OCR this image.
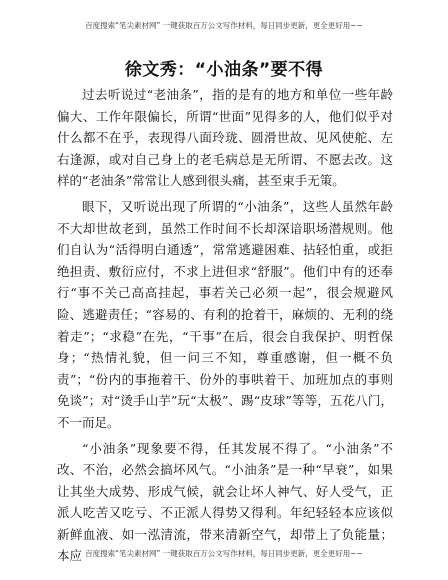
百度搜索“笔尖素材网” 一键获取百万公文写作材料，每日同步更新，更全更好用~~
徐文秀：“小油条”要不得

过去听说过“老油条”，指的是有的地方和单位一些年龄偏大、工作年限偏长，所谓“世面”见得多的人，他们似乎对什么都不在乎，表现得八面玲珑、圆滑世故、见风使舵、左右逢源，或对自己身上的老毛病总是无所谓、不愿去改。这样的“老油条”常常让人感到很头痛，甚至束手无策。

眼下，又听说出现了所谓的“小油条”，这些人虽然年龄不大却世故老到，虽然工作时间不长却深谙职场潜规则。他们自认为“活得明白通透”，常常逃避困难、拈轻怕重，或拒绝担责、敷衍应付，不求上进但求“舒服”。他们中有的还奉行“事不关己高高挂起，事若关己必须一起”，很会规避风险、逃避责任；“容易的、有利的抢着干，麻烦的、无利的绕着走”；“求稳”在先，“干事”在后，很会自我保护、明哲保身；“热情礼貌，但一问三不知，尊重感谢，但一概不负责”；“份内的事拖着干、份外的事哄着干、加班加点的事则免谈”；对“烫手山芋”玩“太极”、踢“皮球”等等，五花八门，不一而足。

“小油条”现象要不得，任其发展不得了。“小油条”不改、不治，必然会搞坏风气。“小油条”是一种“早衰”，如果让其坐大成势、形成气候，就会让坏人神气、好人受气，正派人吃苦又吃亏、不正派人得势又得利。年纪轻轻本应该似新鲜血液、如一泓清流，带来清新空气，却带上了负能量；本应 百度搜索“笔尖素材网” 一键获取百万公文写作材料，每日同步更新，更全更好用~~
